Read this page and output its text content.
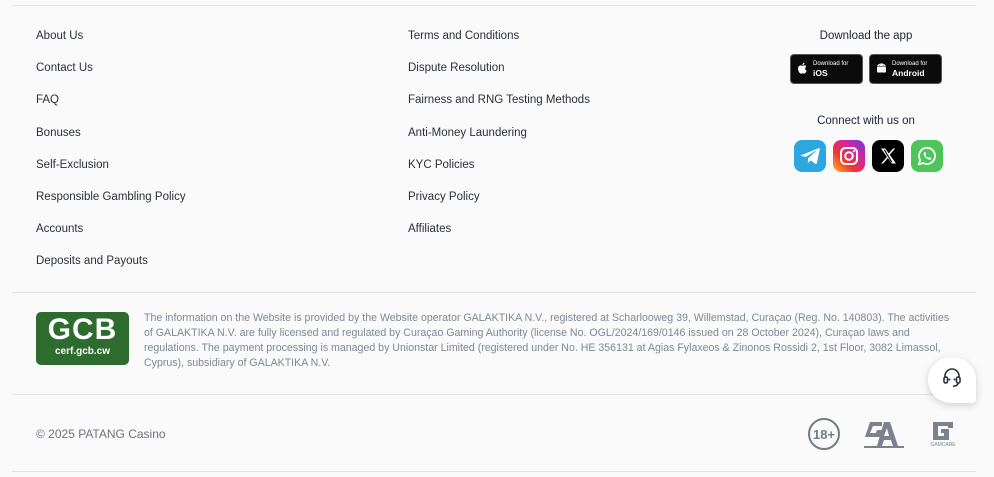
About Us
Contact Us
FAQ
Bonuses
Self-Exclusion
Responsible Gambling Policy
Accounts
Deposits and Payouts
Terms and Conditions
Dispute Resolution
Fairness and RNG Testing Methods
Anti-Money Laundering
KYC Policies
Privacy Policy
Affiliates
Download the app
Download for
iOS
Download for
Android
Connect with us on
GCB
cerf.gcb.cw

The information on the Website is provided by the Website operator GALAKTIKA N.V., registered at Scharlooweg 39, Willemstad, Curaçao (Reg. No. 140803). The activities of GALAKTIKA N.V. are fully licensed and regulated by Curaçao Gaming Authority (license No. OGL/2024/169/0146 issued on 28 October 2024), Curaçao laws and regulations. The payment processing is managed by Unionstar Limited (registered under No. HE 356131 at Agias Fylaxeos & Zinonos Rossidi 2, 1st Floor, 3082 Limassol, Cyprus), subsidiary of GALAKTIKA N.V.

© 2025 PATANG Casino	18+
GAMCARE
